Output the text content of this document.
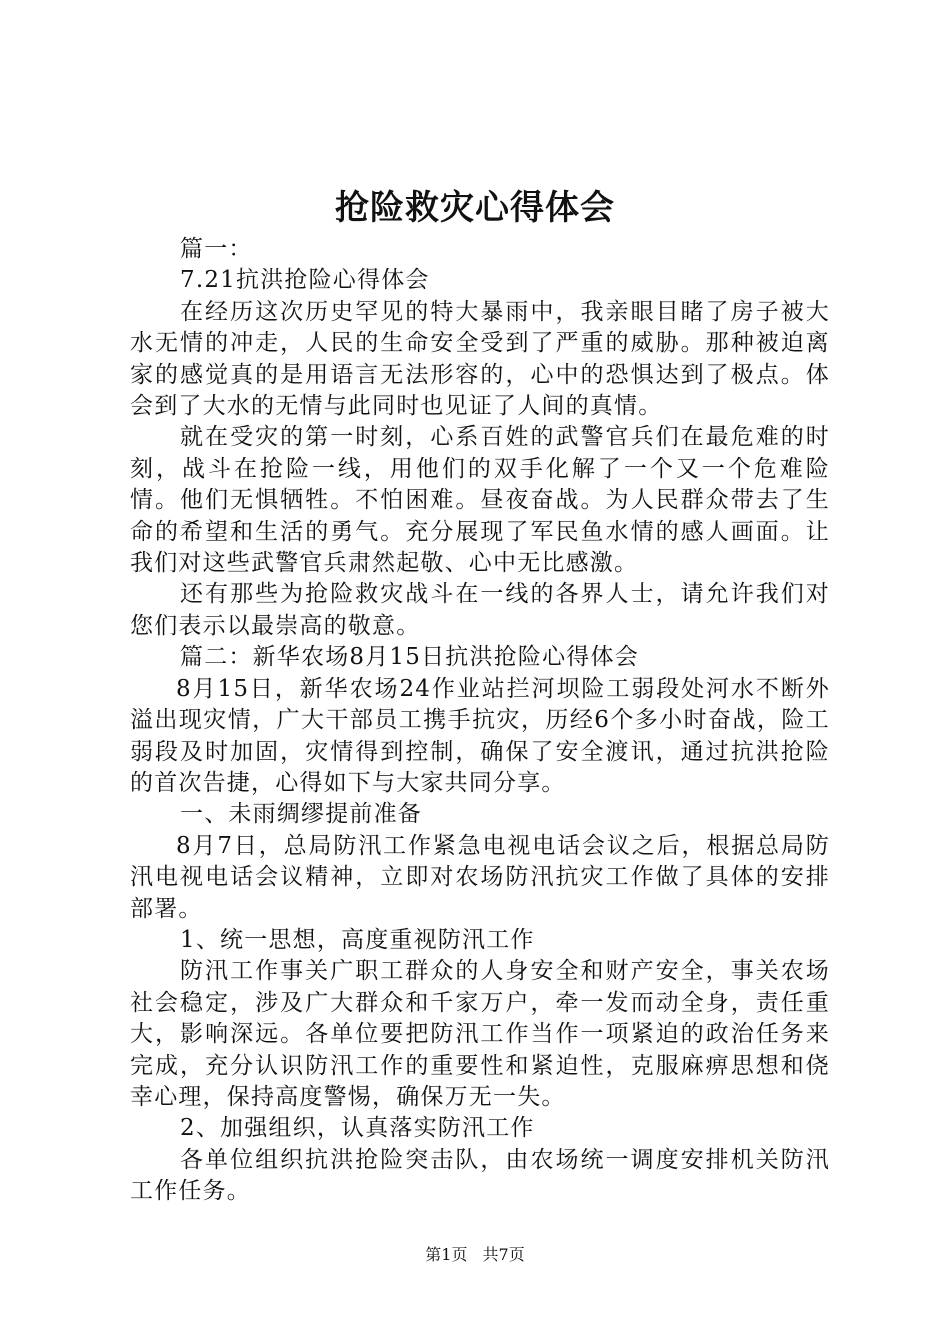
抢险救灾心得体会

篇一：

7.21抗洪抢险心得体会

在经历这次历史罕见的特大暴雨中，我亲眼目睹了房子被大水无情的冲走，人民的生命安全受到了严重的威胁。那种被迫离家的感觉真的是用语言无法形容的，心中的恐惧达到了极点。体会到了大水的无情与此同时也见证了人间的真情。

就在受灾的第一时刻，心系百姓的武警官兵们在最危难的时刻，战斗在抢险一线，用他们的双手化解了一个又一个危难险情。他们无惧牺牲。不怕困难。昼夜奋战。为人民群众带去了生命的希望和生活的勇气。充分展现了军民鱼水情的感人画面。让我们对这些武警官兵肃然起敬、心中无比感激。

还有那些为抢险救灾战斗在一线的各界人士，请允许我们对您们表示以最崇高的敬意。

篇二：新华农场8月15日抗洪抢险心得体会

8月15日，新华农场24作业站拦河坝险工弱段处河水不断外溢出现灾情，广大干部员工携手抗灾，历经6个多小时奋战，险工弱段及时加固，灾情得到控制，确保了安全渡讯，通过抗洪抢险的首次告捷，心得如下与大家共同分享。

一、未雨绸缪提前准备

8月7日，总局防汛工作紧急电视电话会议之后，根据总局防汛电视电话会议精神，立即对农场防汛抗灾工作做了具体的安排部署。

1、统一思想，高度重视防汛工作

防汛工作事关广职工群众的人身安全和财产安全，事关农场社会稳定，涉及广大群众和千家万户，牵一发而动全身，责任重大，影响深远。各单位要把防汛工作当作一项紧迫的政治任务来完成，充分认识防汛工作的重要性和紧迫性，克服麻痹思想和侥幸心理，保持高度警惕，确保万无一失。

2、加强组织，认真落实防汛工作

各单位组织抗洪抢险突击队，由农场统一调度安排机关防汛工作任务。

第1页 共7页
